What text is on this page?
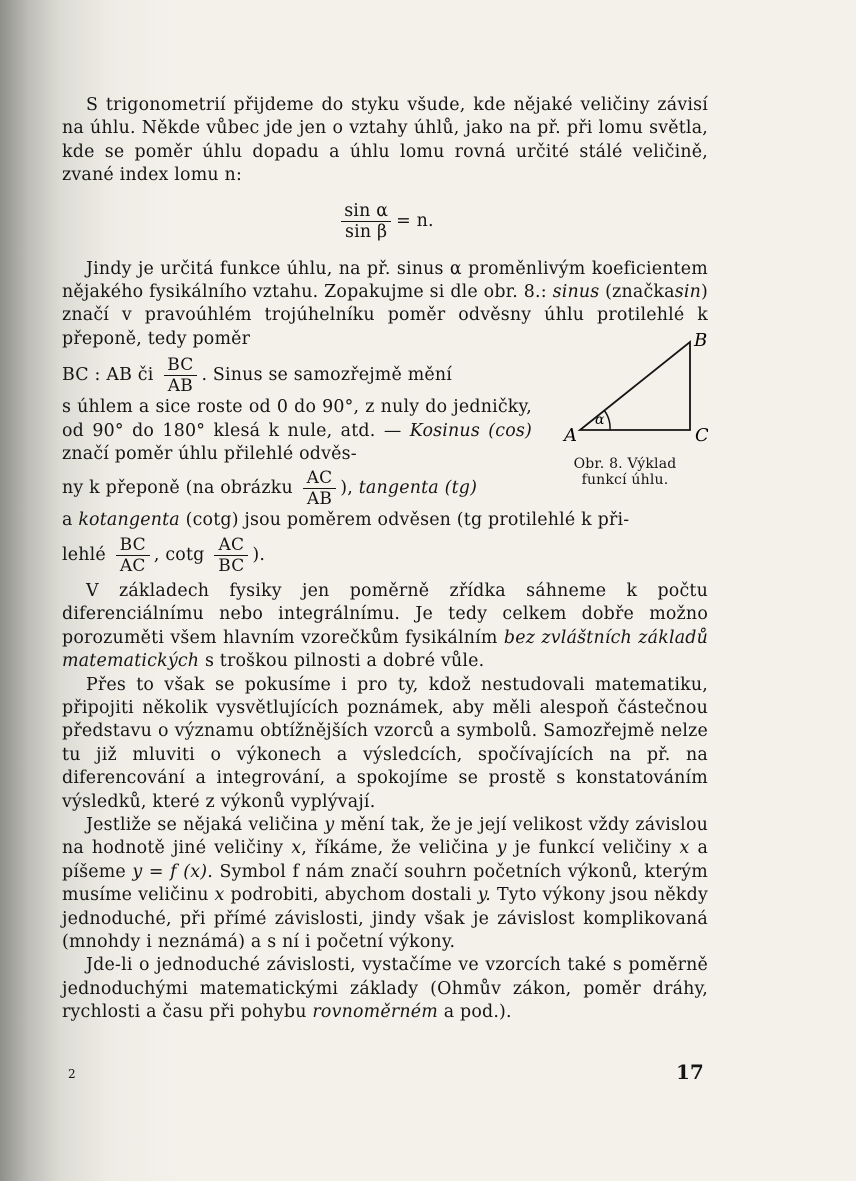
S trigonometrií přijdeme do styku všude, kde nějaké veličiny závisí na úhlu. Někde vůbec jde jen o vztahy úhlů, jako na př. při lomu světla, kde se poměr úhlu dopadu a úhlu lomu rovná určité stálé veličině, zvané index lomu n:

$\frac{\text{sin α}}{\text{sin β}} = n$.

Jindy je určitá funkce úhlu, na př. sinus α proměnlivým koeficientem nějakého fysikálního vztahu. Zopakujme si dle obr. 8.: sinus (značkasin) značí v pravoúhlém trojúhelníku poměr odvěsny úhlu protilehlé k přeponě, tedy poměr

BC : AB či $\frac{BC}{AB}$ . Sinus se samozřejmě mění

s úhlem a sice roste od 0 do 90°, z nuly do jedničky, od 90° do 180° klesá k nule, atd. — Kosinus (cos) značí poměr úhlu přilehlé odvěs-

ny k přeponě (na obrázku $\frac{AC}{AB}$ ), tangenta (tg)

a kotangenta (cotg) jsou poměrem odvěsen (tg protilehlé k při-

lehlé $\frac{BC}{AC}$ , cotg $\frac{AC}{BC}$ ).

V základech fysiky jen poměrně zřídka sáhneme k počtu diferenciálnímu nebo integrálnímu. Je tedy celkem dobře možno porozuměti všem hlavním vzorečkům fysikálním bez zvláštních základů matematických s troškou pilnosti a dobré vůle.

Přes to však se pokusíme i pro ty, kdož nestudovali matematiku, připojiti několik vysvětlujících poznámek, aby měli alespoň částečnou představu o významu obtížnějších vzorců a symbolů. Samozřejmě nelze tu již mluviti o výkonech a výsledcích, spočívajících na př. na diferencování a integrování, a spokojíme se prostě s konstatováním výsledků, které z výkonů vyplývají.

Jestliže se nějaká veličina y mění tak, že je její velikost vždy závislou na hodnotě jiné veličiny x, říkáme, že veličina y je funkcí veličiny x a píšeme y = f (x). Symbol f nám značí souhrn početních výkonů, kterým musíme veličinu x podrobiti, abychom dostali y. Tyto výkony jsou někdy jednoduché, při přímé závislosti, jindy však je závislost komplikovaná (mnohdy i neznámá) a s ní i početní výkony.

Jde-li o jednoduché závislosti, vystačíme ve vzorcích také s poměrně jednoduchými matematickými základy (Ohmův zákon, poměr dráhy, rychlosti a času při pohybu rovnoměrném a pod.).

α
A
B
C
Obr. 8. Výklad funkcí úhlu.
2	17
